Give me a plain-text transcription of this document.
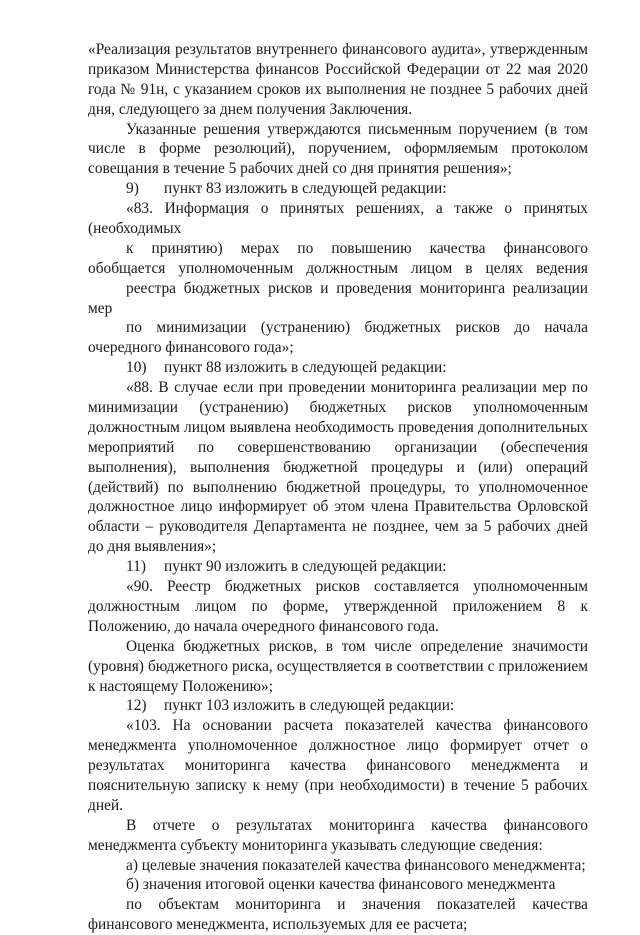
«Реализация результатов внутреннего финансового аудита», утвержденным
приказом Министерства финансов Российской Федерации от 22 мая 2020
года № 91н, с указанием сроков их выполнения не позднее 5 рабочих дней
дня, следующего за днем получения Заключения.
Указанные решения утверждаются письменным поручением (в том
числе в форме резолюций), поручением, оформляемым протоколом
совещания в течение 5 рабочих дней со дня принятия решения»;
9) пункт 83 изложить в следующей редакции:
«83. Информация о принятых решениях, а также о принятых
(необходимых
к принятию) мерах по повышению качества финансового
обобщается уполномоченным должностным лицом в целях ведения
реестра бюджетных рисков и проведения мониторинга реализации
мер
по минимизации (устранению) бюджетных рисков до начала
очередного финансового года»;
10) пункт 88 изложить в следующей редакции:
«88. В случае если при проведении мониторинга реализации мер по
минимизации (устранению) бюджетных рисков уполномоченным
должностным лицом выявлена необходимость проведения дополнительных
мероприятий по совершенствованию организации (обеспечения
выполнения), выполнения бюджетной процедуры и (или) операций
(действий) по выполнению бюджетной процедуры, то уполномоченное
должностное лицо информирует об этом члена Правительства Орловской
области – руководителя Департамента не позднее, чем за 5 рабочих дней
до дня выявления»;
11) пункт 90 изложить в следующей редакции:
«90. Реестр бюджетных рисков составляется уполномоченным
должностным лицом по форме, утвержденной приложением 8 к
Положению, до начала очередного финансового года.
Оценка бюджетных рисков, в том числе определение значимости
(уровня) бюджетного риска, осуществляется в соответствии с приложением
к настоящему Положению»;
12) пункт 103 изложить в следующей редакции:
«103. На основании расчета показателей качества финансового
менеджмента уполномоченное должностное лицо формирует отчет о
результатах мониторинга качества финансового менеджмента и
пояснительную записку к нему (при необходимости) в течение 5 рабочих
дней.
В отчете о результатах мониторинга качества финансового
менеджмента субъекту мониторинга указывать следующие сведения:
а) целевые значения показателей качества финансового менеджмента;
б) значения итоговой оценки качества финансового менеджмента
по объектам мониторинга и значения показателей качества
финансового менеджмента, используемых для ее расчета;
